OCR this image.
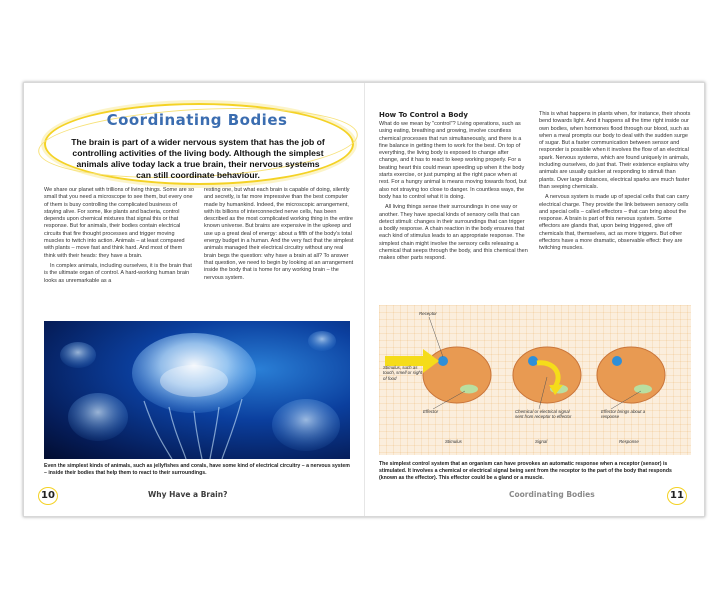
Coordinating Bodies
The brain is part of a wider nervous system that has the job of controlling activities of the living body. Although the simplest animals alive today lack a true brain, their nervous systems can still coordinate behaviour.

We share our planet with trillions of living things. Some are so small that you need a microscope to see them, but every one of them is busy controlling the complicated business of staying alive. For some, like plants and bacteria, control depends upon chemical mixtures that signal this or that response. But for animals, their bodies contain electrical circuits that fire thought processes and trigger moving muscles to twitch into action. Animals – at least compared with plants – move fast and think hard. And most of them think with their heads: they have a brain.

In complex animals, including ourselves, it is the brain that is the ultimate organ of control. A hard-working human brain looks as unremarkable as a

resting one, but what each brain is capable of doing, silently and secretly, is far more impressive than the best computer made by humankind. Indeed, the microscopic arrangement, with its billions of interconnected nerve cells, has been described as the most complicated working thing in the entire known universe. But brains are expensive in the upkeep and use up a great deal of energy: about a fifth of the body's total energy budget in a human. And the very fact that the simplest animals managed their electrical circuitry without any real brain begs the question: why have a brain at all? To answer that question, we need to begin by looking at an arrangement inside the body that is home for any working brain – the nervous system.

Even the simplest kinds of animals, such as jellyfishes and corals, have some kind of electrical circuitry – a nervous system – inside their bodies that help them to react to their surroundings.
10	Why Have a Brain?
How To Control a Body

What do we mean by "control"? Living operations, such as using eating, breathing and growing, involve countless chemical processes that run simultaneously, and there is a fine balance in getting them to work for the best. On top of everything, the living body is exposed to change after change, and it has to react to keep working properly. For a beating heart this could mean speeding up when it the body starts exercise, or just pumping at the right pace when at rest. For a hungry animal is means moving towards food, but also not straying too close to danger. In countless ways, the body has to control what it is doing.

All living things sense their surroundings in one way or another. They have special kinds of sensory cells that can detect stimuli: changes in their surroundings that can trigger a bodily response. A chain reaction in the body ensures that each kind of stimulus leads to an appropriate response. The simplest chain might involve the sensory cells releasing a chemical that seeps through the body, and this chemical then makes other parts respond.

This is what happens in plants when, for instance, their shoots bend towards light. And it happens all the time right inside our own bodies, when hormones flood through our blood, such as when a meal prompts our body to deal with the sudden surge of sugar. But a faster communication between sensor and responder is possible when it involves the flow of an electrical spark. Nervous systems, which are found uniquely in animals, including ourselves, do just that. Their existence explains why animals are usually quicker at responding to stimuli than plants. Over large distances, electrical sparks are much faster than seeping chemicals.

A nervous system is made up of special cells that can carry electrical charge. They provide the link between sensory cells and special cells – called effectors – that can bring about the response. A brain is part of this nervous system. Some effectors are glands that, upon being triggered, give off chemicals that, themselves, act as more triggers. But other effectors have a more dramatic, observable effect: they are twitching muscles.

Receptor
Stimulus, such as touch, smell or sight of food
Effector	Chemical or electrical signal sent from receptor to effector
Effector brings about a response
Stimulus	Signal	Response
The simplest control system that an organism can have provokes an automatic response when a receptor (sensor) is stimulated. It involves a chemical or electrical signal being sent from the receptor to the part of the body that responds (known as the effector). This effector could be a gland or a muscle.
Coordinating Bodies	11
